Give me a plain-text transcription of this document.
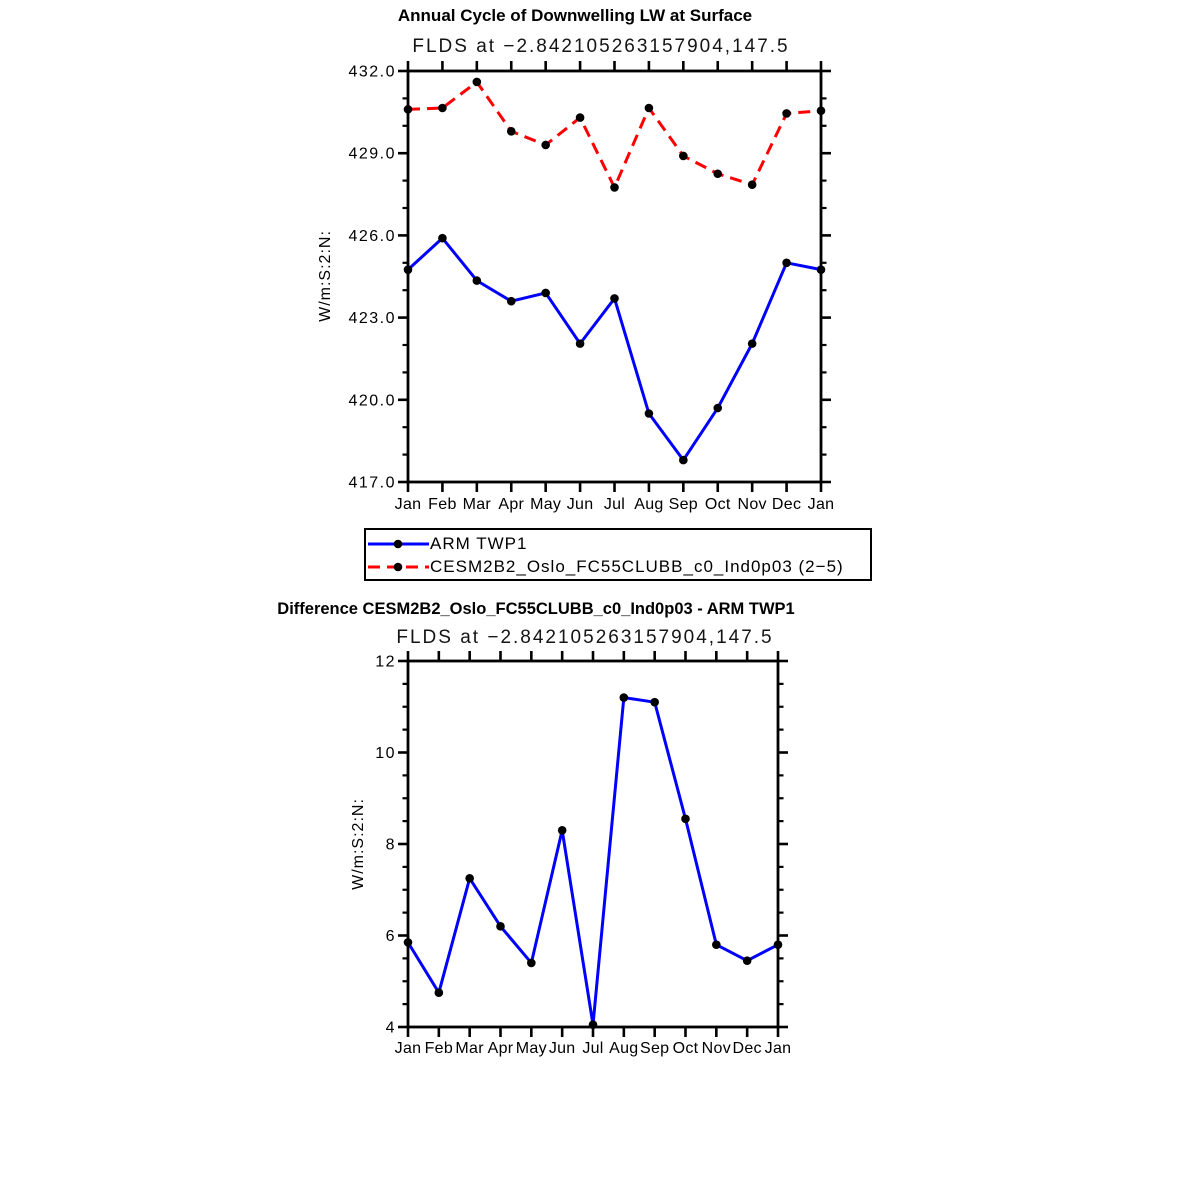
Jan Feb Mar Apr May Jun Jul Aug Sep Oct Nov Dec Jan
417.0
420.0
423.0
426.0
429.0
432.0
Jan Feb Mar Apr May Jun Jul Aug Sep Oct Nov Dec Jan
4
6
8
10
12
Annual Cycle of Downwelling LW at Surface
FLDS at −2.842105263157904,147.5
W/m:S:2:N:
ARM TWP1
CESM2B2_Oslo_FC55CLUBB_c0_Ind0p03 (2−5)
Difference CESM2B2_Oslo_FC55CLUBB_c0_Ind0p03 - ARM TWP1
FLDS at −2.842105263157904,147.5
W/m:S:2:N:
